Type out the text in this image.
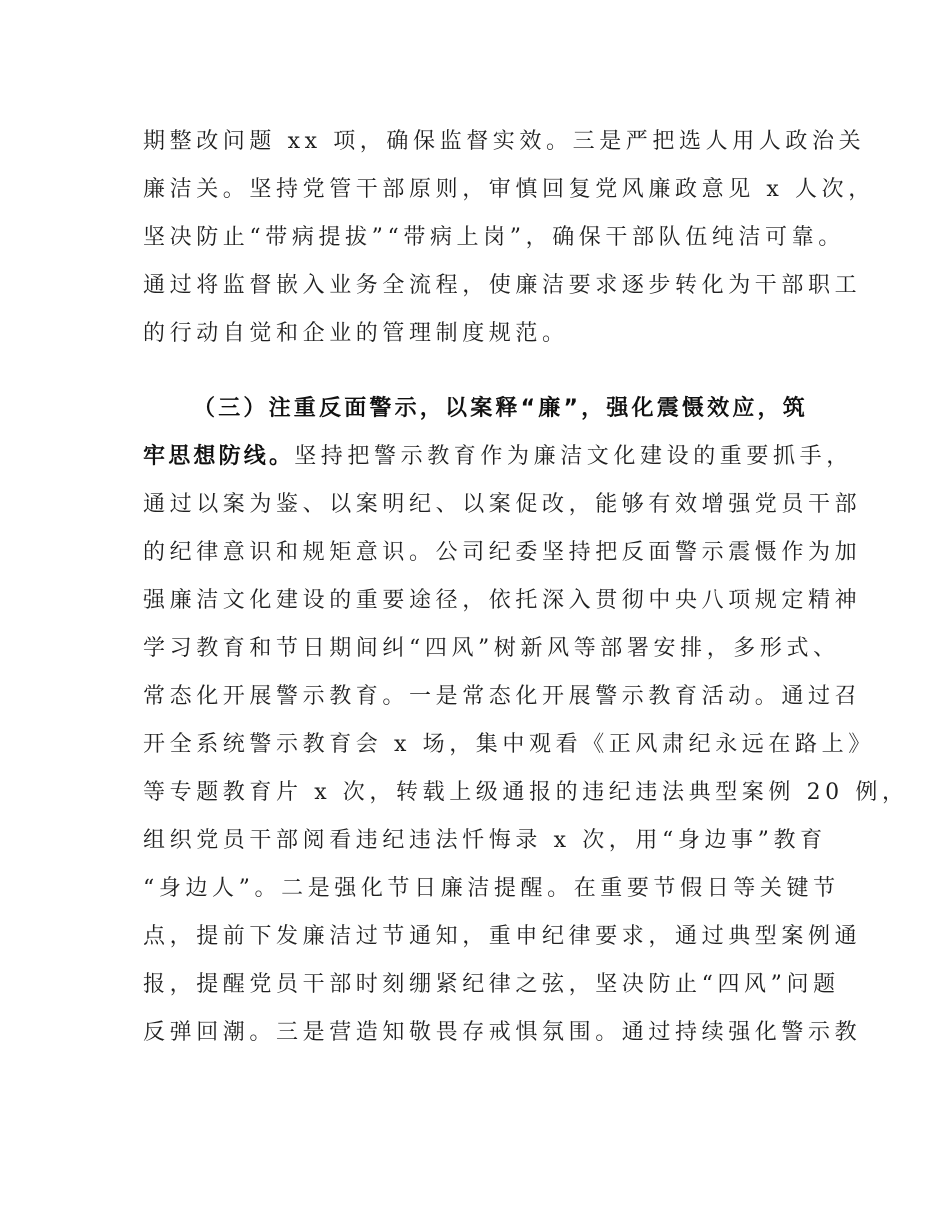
期整改问题 xx 项，确保监督实效。三是严把选人用人政治关
廉洁关。坚持党管干部原则，审慎回复党风廉政意见 x 人次，
坚决防止“带病提拔”“带病上岗”，确保干部队伍纯洁可靠。
通过将监督嵌入业务全流程，使廉洁要求逐步转化为干部职工
的行动自觉和企业的管理制度规范。
（三）注重反面警示，以案释“廉”，强化震慑效应，筑
牢思想防线。坚持把警示教育作为廉洁文化建设的重要抓手，
通过以案为鉴、以案明纪、以案促改，能够有效增强党员干部
的纪律意识和规矩意识。公司纪委坚持把反面警示震慑作为加
强廉洁文化建设的重要途径，依托深入贯彻中央八项规定精神
学习教育和节日期间纠“四风”树新风等部署安排，多形式、
常态化开展警示教育。一是常态化开展警示教育活动。通过召
开全系统警示教育会 x 场，集中观看《正风肃纪永远在路上》
等专题教育片 x 次，转载上级通报的违纪违法典型案例 20 例，
组织党员干部阅看违纪违法忏悔录 x 次，用“身边事”教育
“身边人”。二是强化节日廉洁提醒。在重要节假日等关键节
点，提前下发廉洁过节通知，重申纪律要求，通过典型案例通
报，提醒党员干部时刻绷紧纪律之弦，坚决防止“四风”问题
反弹回潮。三是营造知敬畏存戒惧氛围。通过持续强化警示教
